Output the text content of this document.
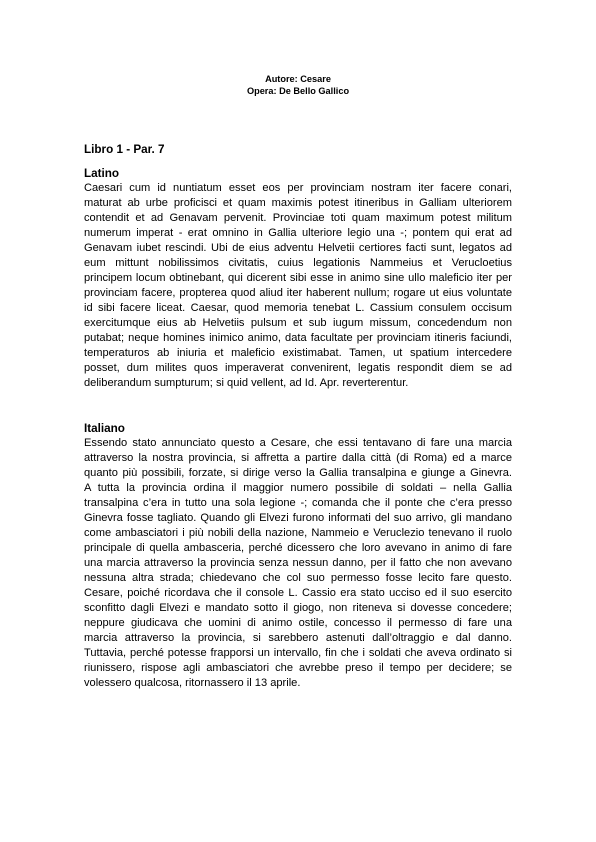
Autore: Cesare
Opera: De Bello Gallico
Libro 1 - Par. 7
Latino
Caesari cum id nuntiatum esset eos per provinciam nostram iter facere conari,
maturat ab urbe proficisci et quam maximis potest itineribus in Galliam ulteriorem
contendit et ad Genavam pervenit. Provinciae toti quam maximum potest militum
numerum imperat - erat omnino in Gallia ulteriore legio una -; pontem qui erat ad
Genavam iubet rescindi. Ubi de eius adventu Helvetii certiores facti sunt, legatos ad
eum mittunt nobilissimos civitatis, cuius legationis Nammeius et Verucloetius
principem locum obtinebant, qui dicerent sibi esse in animo sine ullo maleficio iter per
provinciam facere, propterea quod aliud iter haberent nullum; rogare ut eius voluntate
id sibi facere liceat. Caesar, quod memoria tenebat L. Cassium consulem occisum
exercitumque eius ab Helvetiis pulsum et sub iugum missum, concedendum non
putabat; neque homines inimico animo, data facultate per provinciam itineris faciundi,
temperaturos ab iniuria et maleficio existimabat. Tamen, ut spatium intercedere
posset, dum milites quos imperaverat convenirent, legatis respondit diem se ad
deliberandum sumpturum; si quid vellent, ad Id. Apr. reverterentur.
Italiano
Essendo stato annunciato questo a Cesare, che essi tentavano di fare una marcia
attraverso la nostra provincia, si affretta a partire dalla città (di Roma) ed a marce
quanto più possibili, forzate, si dirige verso la Gallia transalpina e giunge a Ginevra.
A tutta la provincia ordina il maggior numero possibile di soldati – nella Gallia
transalpina c’era in tutto una sola legione -; comanda che il ponte che c’era presso
Ginevra fosse tagliato. Quando gli Elvezi furono informati del suo arrivo, gli mandano
come ambasciatori i più nobili della nazione, Nammeio e Veruclezio tenevano il ruolo
principale di quella ambasceria, perché dicessero che loro avevano in animo di fare
una marcia attraverso la provincia senza nessun danno, per il fatto che non avevano
nessuna altra strada; chiedevano che col suo permesso fosse lecito fare questo.
Cesare, poiché ricordava che il console L. Cassio era stato ucciso ed il suo esercito
sconfitto dagli Elvezi e mandato sotto il giogo, non riteneva si dovesse concedere;
neppure giudicava che uomini di animo ostile, concesso il permesso di fare una
marcia attraverso la provincia, si sarebbero astenuti dall’oltraggio e dal danno.
Tuttavia, perché potesse frapporsi un intervallo, fin che i soldati che aveva ordinato si
riunissero, rispose agli ambasciatori che avrebbe preso il tempo per decidere; se
volessero qualcosa, ritornassero il 13 aprile.
